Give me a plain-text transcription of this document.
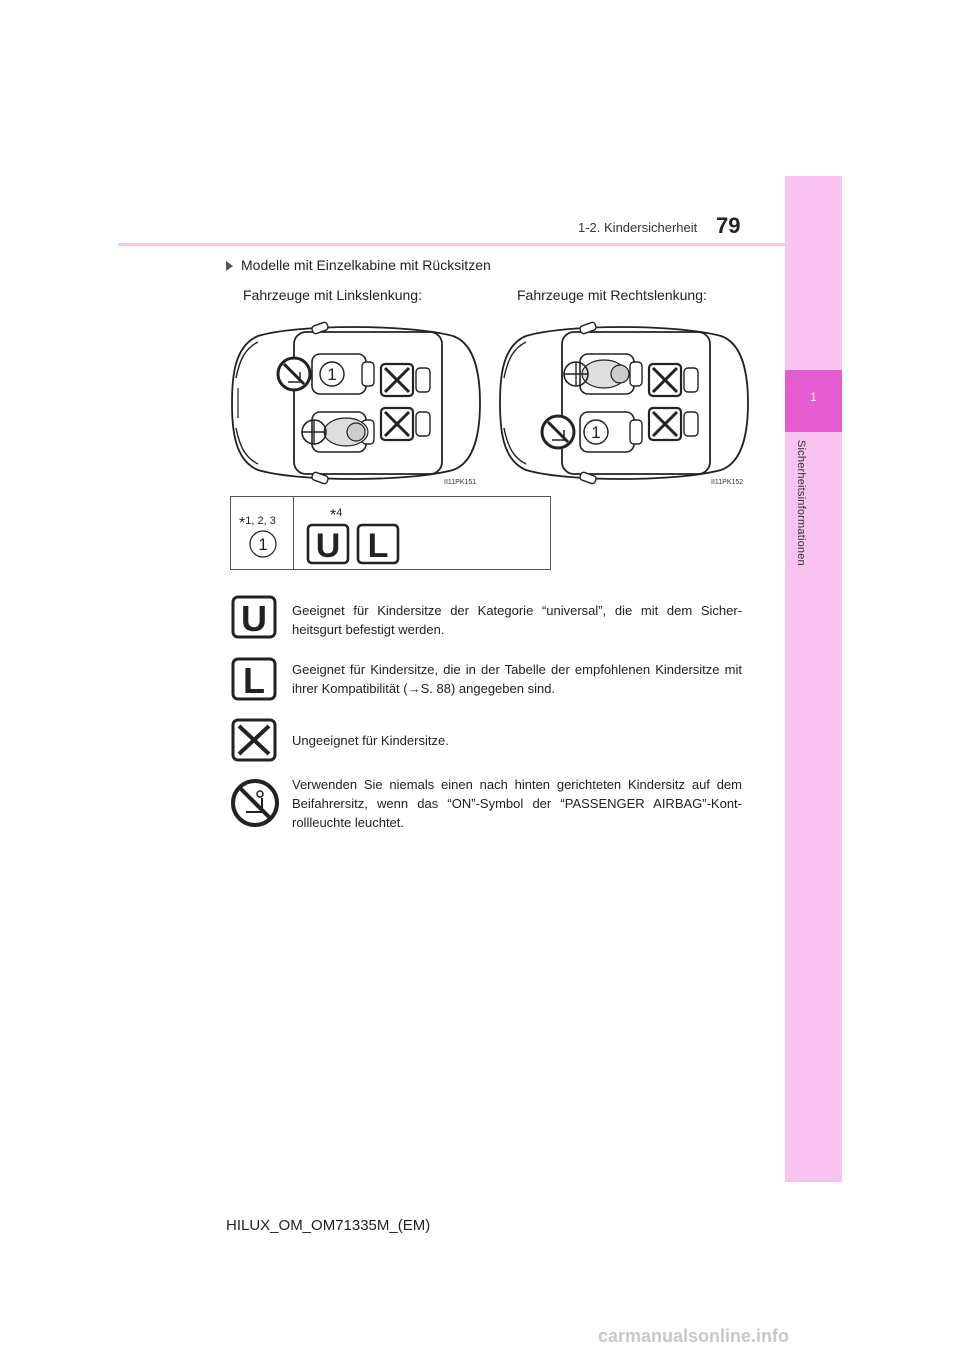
1
Sicherheitsinformationen
1-2. Kindersicherheit 79
Modelle mit Einzelkabine mit Rücksitzen
Fahrzeuge mit Linkslenkung:	Fahrzeuge mit Rechtslenkung:
1
II11PK151
1
II11PK152
*1, 2, 3
1

*4
U L
U Geeignet für Kindersitze der Kategorie “universal”, die mit dem Sicher-heitsgurt befestigt werden.
L Geeignet für Kindersitze, die in der Tabelle der empfohlenen Kindersitze mit ihrer Kompatibilität (→S. 88) angegeben sind.
Ungeeignet für Kindersitze.
Verwenden Sie niemals einen nach hinten gerichteten Kindersitz auf dem Beifahrersitz, wenn das “ON”-Symbol der “PASSENGER AIRBAG”-Kont-rollleuchte leuchtet.
HILUX_OM_OM71335M_(EM)
carmanualsonline.info
